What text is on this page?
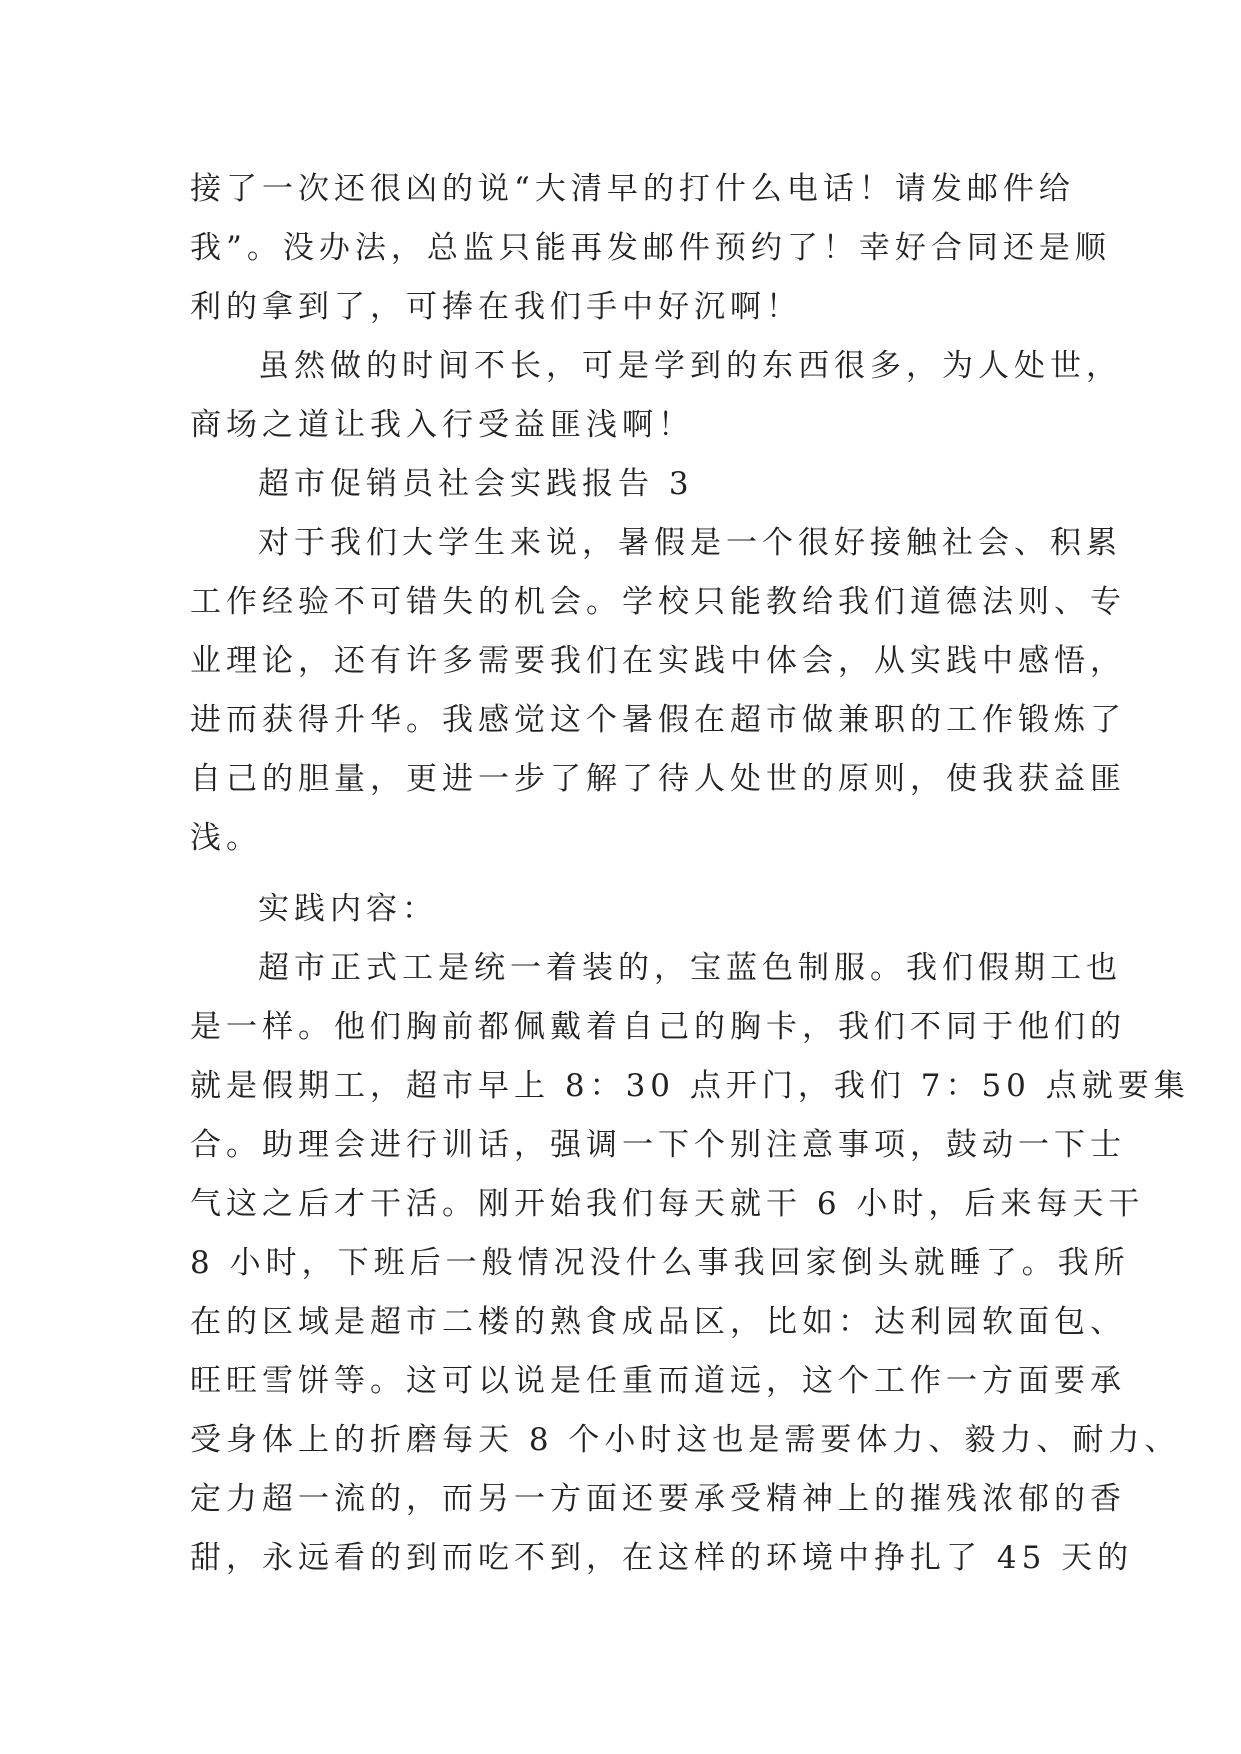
接了一次还很凶的说“大清早的打什么电话！请发邮件给
我”。没办法，总监只能再发邮件预约了！幸好合同还是顺
利的拿到了，可捧在我们手中好沉啊！
虽然做的时间不长，可是学到的东西很多，为人处世，
商场之道让我入行受益匪浅啊！
超市促销员社会实践报告 3
对于我们大学生来说，暑假是一个很好接触社会、积累
工作经验不可错失的机会。学校只能教给我们道德法则、专
业理论，还有许多需要我们在实践中体会，从实践中感悟，
进而获得升华。我感觉这个暑假在超市做兼职的工作锻炼了
自己的胆量，更进一步了解了待人处世的原则，使我获益匪
浅。
实践内容：
超市正式工是统一着装的，宝蓝色制服。我们假期工也
是一样。他们胸前都佩戴着自己的胸卡，我们不同于他们的
就是假期工，超市早上 8：30 点开门，我们 7：50 点就要集
合。助理会进行训话，强调一下个别注意事项，鼓动一下士
气这之后才干活。刚开始我们每天就干 6 小时，后来每天干
8 小时，下班后一般情况没什么事我回家倒头就睡了。我所
在的区域是超市二楼的熟食成品区，比如：达利园软面包、
旺旺雪饼等。这可以说是任重而道远，这个工作一方面要承
受身体上的折磨每天 8 个小时这也是需要体力、毅力、耐力、
定力超一流的，而另一方面还要承受精神上的摧残浓郁的香
甜，永远看的到而吃不到，在这样的环境中挣扎了 45 天的
